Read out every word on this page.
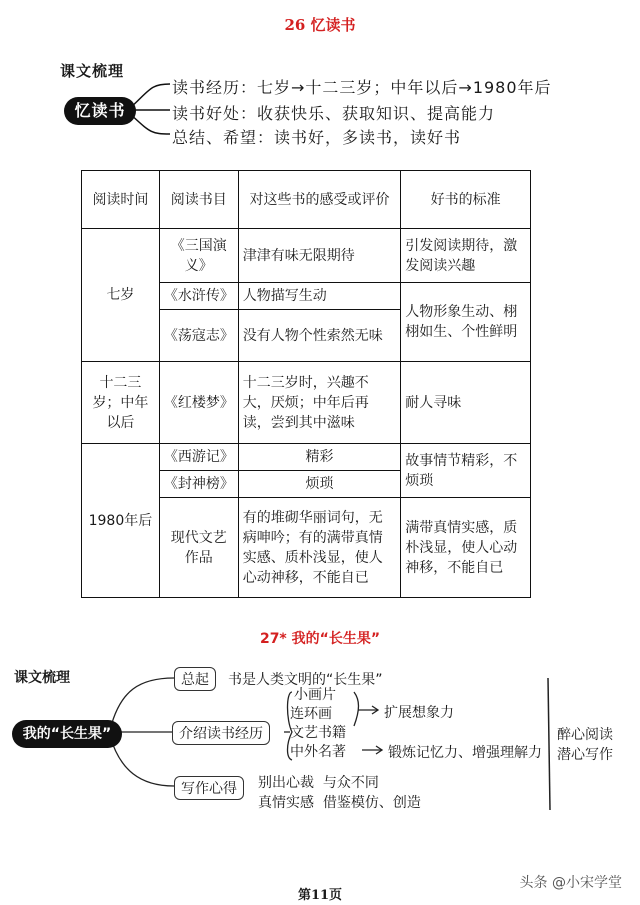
26 忆读书
课文梳理
忆读书
读书经历：七岁→十二三岁；中年以后→1980年后
读书好处：收获快乐、获取知识、提高能力
总结、希望：读书好，多读书，读好书
阅读时间	阅读书目	对这些书的感受或评价	好书的标准
七岁	《三国演义》	津津有味无限期待	引发阅读期待，激发阅读兴趣
	《水浒传》	人物描写生动	人物形象生动、栩栩如生、个性鲜明
	《荡寇志》	没有人物个性索然无味	
十二三岁；中年以后	《红楼梦》	十二三岁时，兴趣不大，厌烦；中年后再读，尝到其中滋味	耐人寻味
1980年后	《西游记》	精彩	故事情节精彩，不烦琐
	《封神榜》	烦琐	
	现代文艺作品	有的堆砌华丽词句，无病呻吟；有的满带真情实感、质朴浅显，使人心动神移，不能自已	满带真情实感，质朴浅显，使人心动神移，不能自已
27* 我的“长生果”
课文梳理
我的“长生果”
总起	书是人类文明的“长生果”
介绍读书经历
小画片
连环画
文艺书籍
中外名著
扩展想象力
锻炼记忆力、增强理解力
写作心得	别出心裁  与众不同
真情实感  借鉴模仿、创造
醉心阅读
潜心写作
第11页
头条 @小宋学堂
